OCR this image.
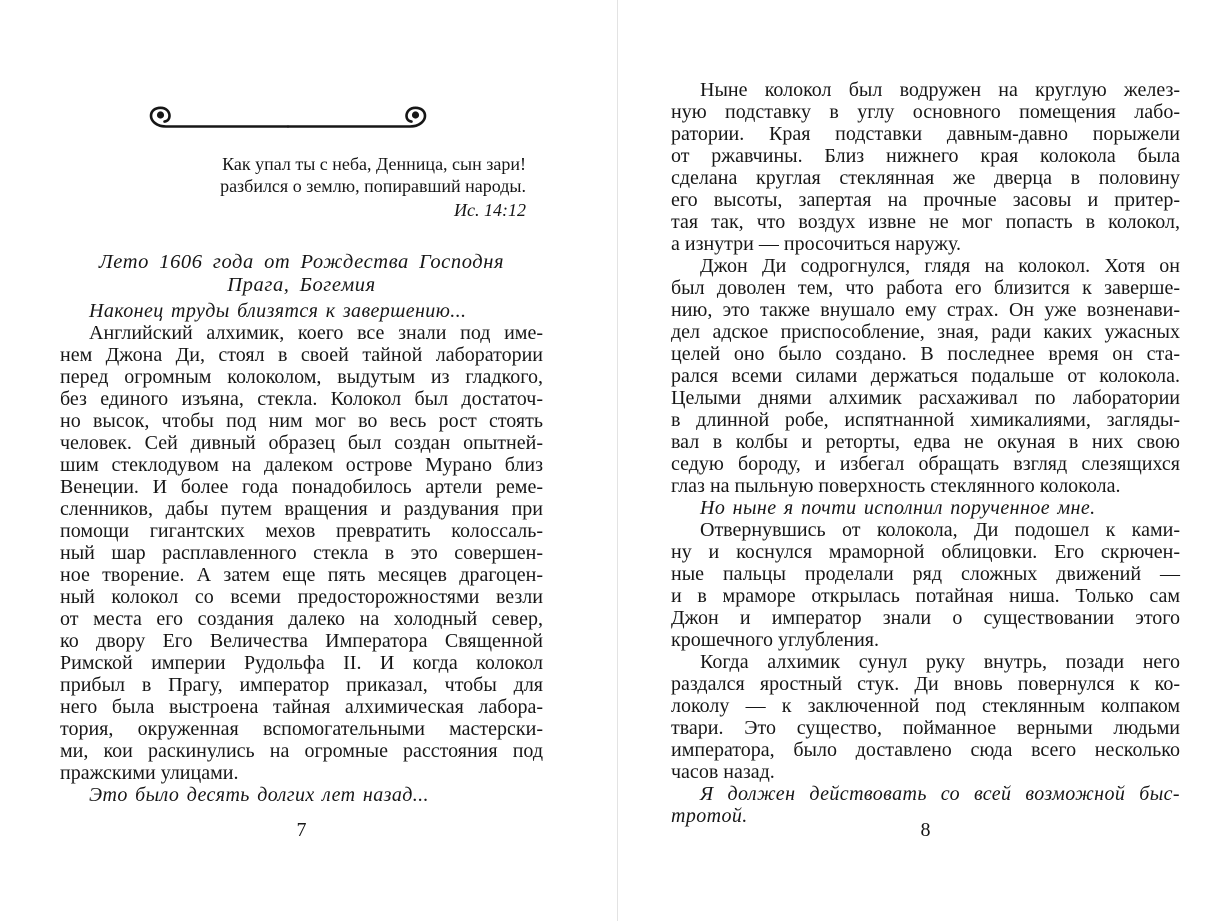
Как упал ты с неба, Денница, сын зари!
разбился о землю, попиравший народы.
Ис. 14:12
Лето 1606 года от Рождества Господня
Прага, Богемия
Наконец труды близятся к завершению...
Английский алхимик, коего все знали под име-
нем Джона Ди, стоял в своей тайной лаборатории
перед огромным колоколом, выдутым из гладкого,
без единого изъяна, стекла. Колокол был достаточ-
но высок, чтобы под ним мог во весь рост стоять
человек. Сей дивный образец был создан опытней-
шим стеклодувом на далеком острове Мурано близ
Венеции. И более года понадобилось артели реме-
сленников, дабы путем вращения и раздувания при
помощи гигантских мехов превратить колоссаль-
ный шар расплавленного стекла в это совершен-
ное творение. А затем еще пять месяцев драгоцен-
ный колокол со всеми предосторожностями везли
от места его создания далеко на холодный север,
ко двору Его Величества Императора Священной
Римской империи Рудольфа II. И когда колокол
прибыл в Прагу, император приказал, чтобы для
него была выстроена тайная алхимическая лабора-
тория, окруженная вспомогательными мастерски-
ми, кои раскинулись на огромные расстояния под
пражскими улицами.
Это было десять долгих лет назад...
7
Ныне колокол был водружен на круглую желез-
ную подставку в углу основного помещения лабо-
ратории. Края подставки давным-давно порыжели
от ржавчины. Близ нижнего края колокола была
сделана круглая стеклянная же дверца в половину
его высоты, запертая на прочные засовы и притер-
тая так, что воздух извне не мог попасть в колокол,
а изнутри — просочиться наружу.
Джон Ди содрогнулся, глядя на колокол. Хотя он
был доволен тем, что работа его близится к заверше-
нию, это также внушало ему страх. Он уже возненави-
дел адское приспособление, зная, ради каких ужасных
целей оно было создано. В последнее время он ста-
рался всеми силами держаться подальше от колокола.
Целыми днями алхимик расхаживал по лаборатории
в длинной робе, испятнанной химикалиями, загляды-
вал в колбы и реторты, едва не окуная в них свою
седую бороду, и избегал обращать взгляд слезящихся
глаз на пыльную поверхность стеклянного колокола.
Но ныне я почти исполнил порученное мне.
Отвернувшись от колокола, Ди подошел к ками-
ну и коснулся мраморной облицовки. Его скрючен-
ные пальцы проделали ряд сложных движений —
и в мраморе открылась потайная ниша. Только сам
Джон и император знали о существовании этого
крошечного углубления.
Когда алхимик сунул руку внутрь, позади него
раздался яростный стук. Ди вновь повернулся к ко-
локолу — к заключенной под стеклянным колпаком
твари. Это существо, пойманное верными людьми
императора, было доставлено сюда всего несколько
часов назад.
Я должен действовать со всей возможной быс-
тротой.
8
